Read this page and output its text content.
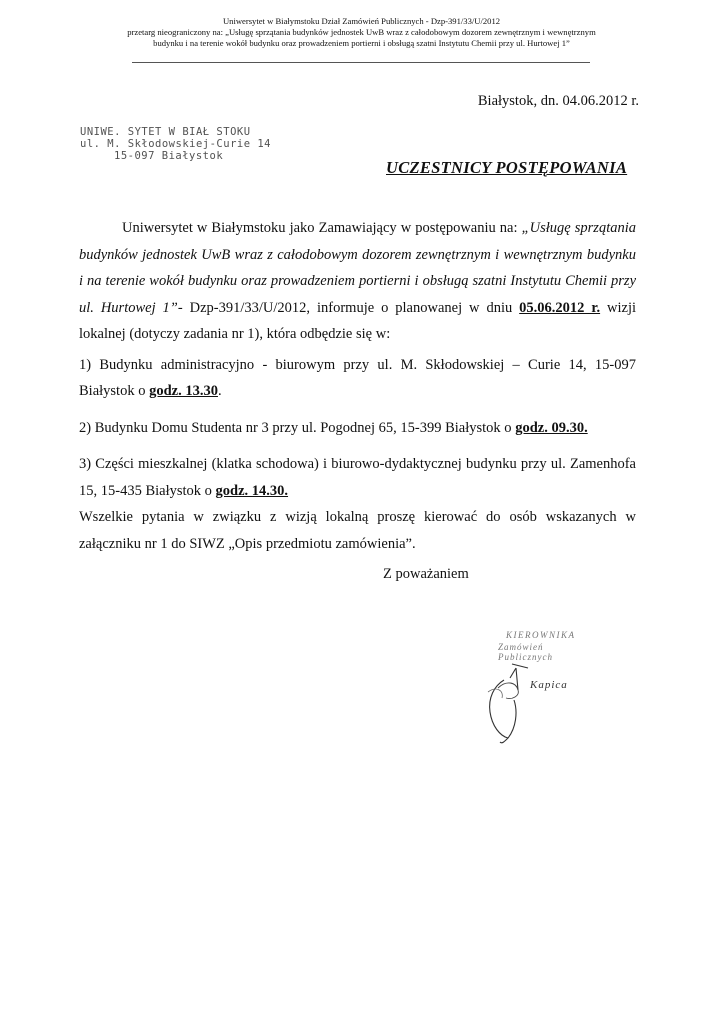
Uniwersytet w Białymstoku Dział Zamówień Publicznych - Dzp-391/33/U/2012
przetarg nieograniczony na: „Usługę sprzątania budynków jednostek UwB wraz z całodobowym dozorem zewnętrznym i wewnętrznym
budynku i na terenie wokół budynku oraz prowadzeniem portierni i obsługą szatni Instytutu Chemii przy ul. Hurtowej 1”
Białystok, dn. 04.06.2012 r.
UNIWE. SYTET W BIAŁ STOKU
ul. M. Skłodowskiej-Curie 14
15-097 Białystok
UCZESTNICY POSTĘPOWANIA

Uniwersytet w Białymstoku jako Zamawiający w postępowaniu na: „Usługę sprzątania budynków jednostek UwB wraz z całodobowym dozorem zewnętrznym i wewnętrznym budynku i na terenie wokół budynku oraz prowadzeniem portierni i obsługą szatni Instytutu Chemii przy ul. Hurtowej 1”- Dzp-391/33/U/2012, informuje o planowanej w dniu 05.06.2012 r. wizji lokalnej (dotyczy zadania nr 1), która odbędzie się w:

1) Budynku administracyjno - biurowym przy ul. M. Skłodowskiej – Curie 14, 15-097 Białystok o godz. 13.30.

2) Budynku Domu Studenta nr 3 przy ul. Pogodnej 65, 15-399 Białystok o godz. 09.30.

3) Części mieszkalnej (klatka schodowa) i biurowo-dydaktycznej budynku przy ul. Zamenhofa 15, 15-435 Białystok o godz. 14.30.

Wszelkie pytania w związku z wizją lokalną proszę kierować do osób wskazanych w załączniku nr 1 do SIWZ „Opis przedmiotu zamówienia”.

Z poważaniem
KIEROWNIKA
Zamówień Publicznych
Kapica
